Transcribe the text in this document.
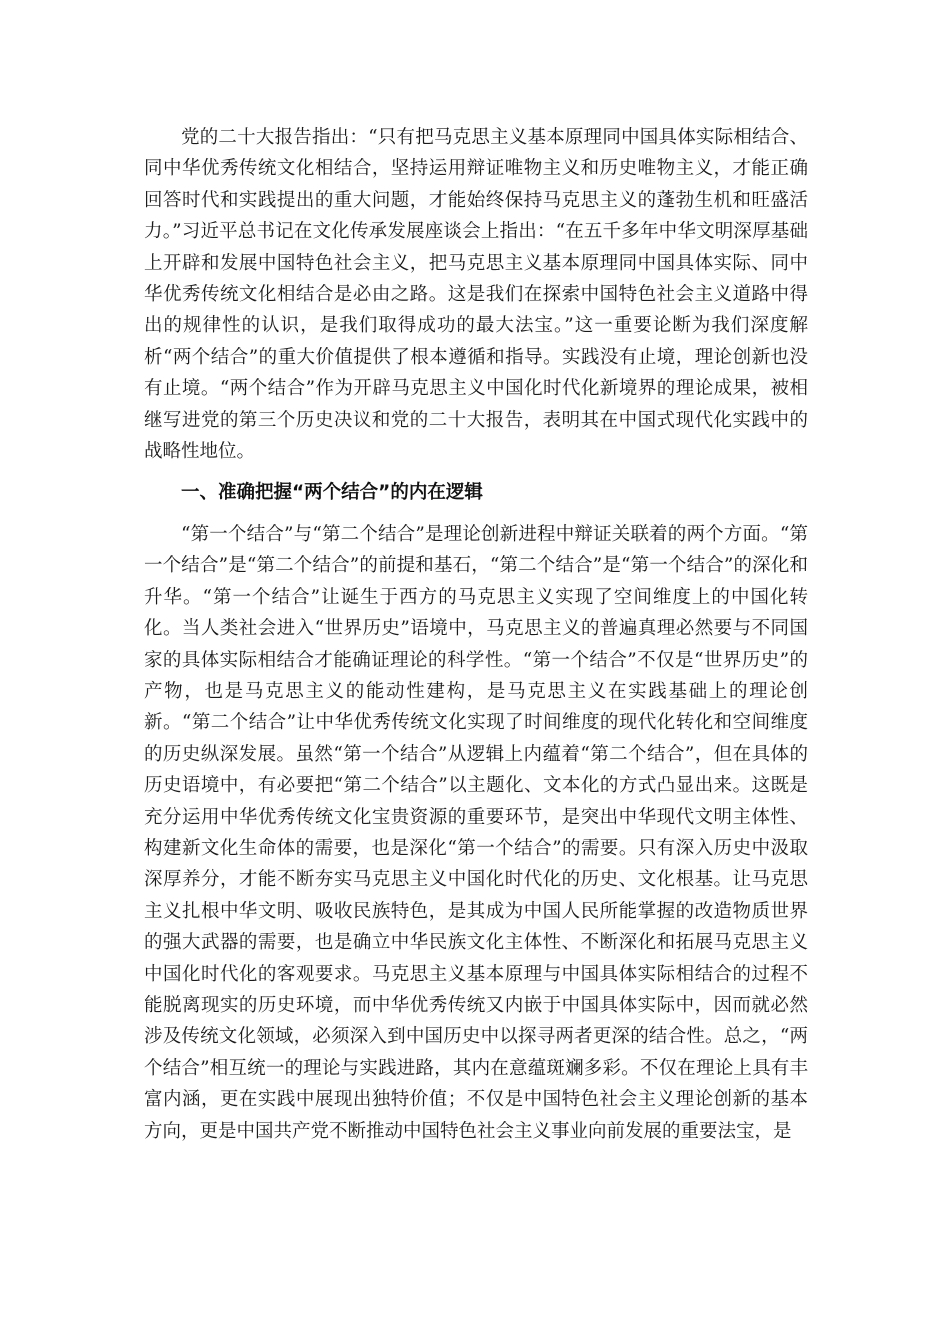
党的二十大报告指出：“只有把马克思主义基本原理同中国具体实际相结合、同中华优秀传统文化相结合，坚持运用辩证唯物主义和历史唯物主义，才能正确回答时代和实践提出的重大问题，才能始终保持马克思主义的蓬勃生机和旺盛活力。”习近平总书记在文化传承发展座谈会上指出：“在五千多年中华文明深厚基础上开辟和发展中国特色社会主义，把马克思主义基本原理同中国具体实际、同中华优秀传统文化相结合是必由之路。这是我们在探索中国特色社会主义道路中得出的规律性的认识，是我们取得成功的最大法宝。”这一重要论断为我们深度解析“两个结合”的重大价值提供了根本遵循和指导。实践没有止境，理论创新也没有止境。“两个结合”作为开辟马克思主义中国化时代化新境界的理论成果，被相继写进党的第三个历史决议和党的二十大报告，表明其在中国式现代化实践中的战略性地位。

一、准确把握“两个结合”的内在逻辑

“第一个结合”与“第二个结合”是理论创新进程中辩证关联着的两个方面。“第一个结合”是“第二个结合”的前提和基石，“第二个结合”是“第一个结合”的深化和升华。“第一个结合”让诞生于西方的马克思主义实现了空间维度上的中国化转化。当人类社会进入“世界历史”语境中，马克思主义的普遍真理必然要与不同国家的具体实际相结合才能确证理论的科学性。“第一个结合”不仅是“世界历史”的产物，也是马克思主义的能动性建构，是马克思主义在实践基础上的理论创新。“第二个结合”让中华优秀传统文化实现了时间维度的现代化转化和空间维度的历史纵深发展。虽然“第一个结合”从逻辑上内蕴着“第二个结合”，但在具体的历史语境中，有必要把“第二个结合”以主题化、文本化的方式凸显出来。这既是充分运用中华优秀传统文化宝贵资源的重要环节，是突出中华现代文明主体性、构建新文化生命体的需要，也是深化“第一个结合”的需要。只有深入历史中汲取深厚养分，才能不断夯实马克思主义中国化时代化的历史、文化根基。让马克思主义扎根中华文明、吸收民族特色，是其成为中国人民所能掌握的改造物质世界的强大武器的需要，也是确立中华民族文化主体性、不断深化和拓展马克思主义中国化时代化的客观要求。马克思主义基本原理与中国具体实际相结合的过程不能脱离现实的历史环境，而中华优秀传统又内嵌于中国具体实际中，因而就必然涉及传统文化领域，必须深入到中国历史中以探寻两者更深的结合性。总之，“两个结合”相互统一的理论与实践进路，其内在意蕴斑斓多彩。不仅在理论上具有丰富内涵，更在实践中展现出独特价值；不仅是中国特色社会主义理论创新的基本方向，更是中国共产党不断推动中国特色社会主义事业向前发展的重要法宝，是
